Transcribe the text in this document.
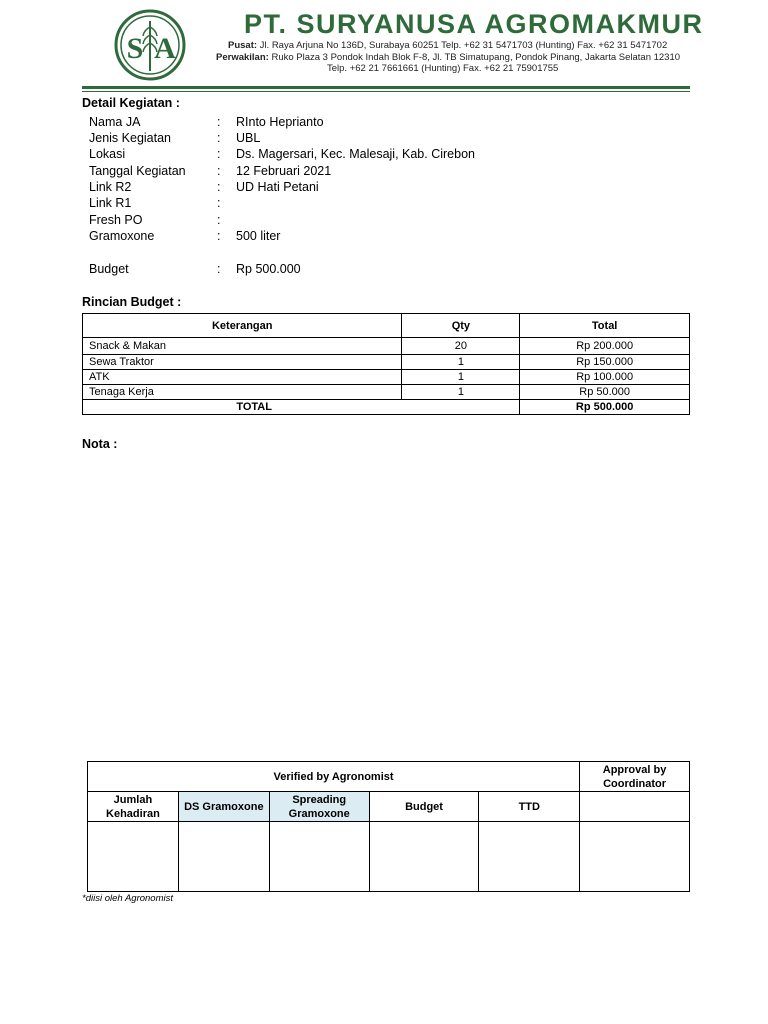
S A
PT. SURYANUSA AGROMAKMUR
Pusat: Jl. Raya Arjuna No 136D, Surabaya 60251 Telp. +62 31 5471703 (Hunting) Fax. +62 31 5471702
Perwakilan: Ruko Plaza 3 Pondok Indah Blok F-8, Jl. TB Simatupang, Pondok Pinang, Jakarta Selatan 12310
Telp. +62 21 7661661 (Hunting) Fax. +62 21 75901755
Detail Kegiatan :
Nama JA	: RInto Heprianto
Jenis Kegiatan	: UBL
Lokasi	: Ds. Magersari, Kec. Malesaji, Kab. Cirebon
Tanggal Kegiatan	: 12 Februari 2021
Link R2	: UD Hati Petani
Link R1	:
Fresh PO	:
Gramoxone	: 500 liter
Budget	: Rp 500.000
Rincian Budget :
Keterangan	Qty	Total
Snack & Makan	20	Rp 200.000
Sewa Traktor	1	Rp 150.000
ATK	1	Rp 100.000
Tenaga Kerja	1	Rp 50.000
TOTAL		Rp 500.000
Nota :
Verified by Agronomist					Approval by Coordinator
Jumlah Kehadiran	DS Gramoxone	Spreading Gramoxone	Budget	TTD	

*diisi oleh Agronomist
